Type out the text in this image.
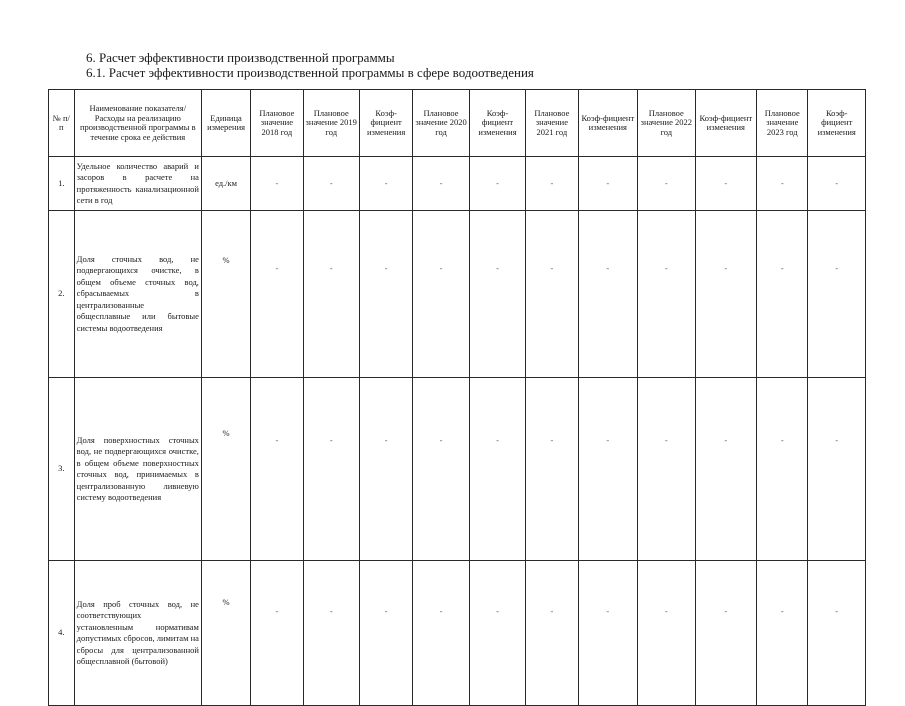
6. Расчет эффективности производственной программы
6.1. Расчет эффективности производственной программы в сфере водоотведения
№ п/п	Наименование показателя/Расходы на реализацию производственной программы в течение срока ее действия	Единица измерения	Плановое значение 2018 год	Плановое значение 2019 год	Коэф-фициент изменения	Плановое значение 2020 год	Коэф-фициент изменения	Плановое значение 2021 год	Коэф-фициент изменения	Плановое значение 2022 год	Коэф-фициент изменения	Плановое значение 2023 год	Коэф-фициент изменения
1.	Удельное количество аварий и засоров в расчете на протяженность канализационной сети в год	ед./км	-	-	-	-	-	-	-	-	-	-	-
2.	Доля сточных вод, не подвергающихся очистке, в общем объеме сточных вод, сбрасываемых в централизованные общесплавные или бытовые системы водоотведения	%	-	-	-	-	-	-	-	-	-	-	-
3.	Доля поверхностных сточных вод, не подвергающихся очистке, в общем объеме поверхностных сточных вод, принимаемых в централизованную ливневую систему водоотведения	%	-	-	-	-	-	-	-	-	-	-	-
4.	Доля проб сточных вод, не соответствующих установленным нормативам допустимых сбросов, лимитам на сбросы для централизованной общесплавной (бытовой)	%	-	-	-	-	-	-	-	-	-	-	-
